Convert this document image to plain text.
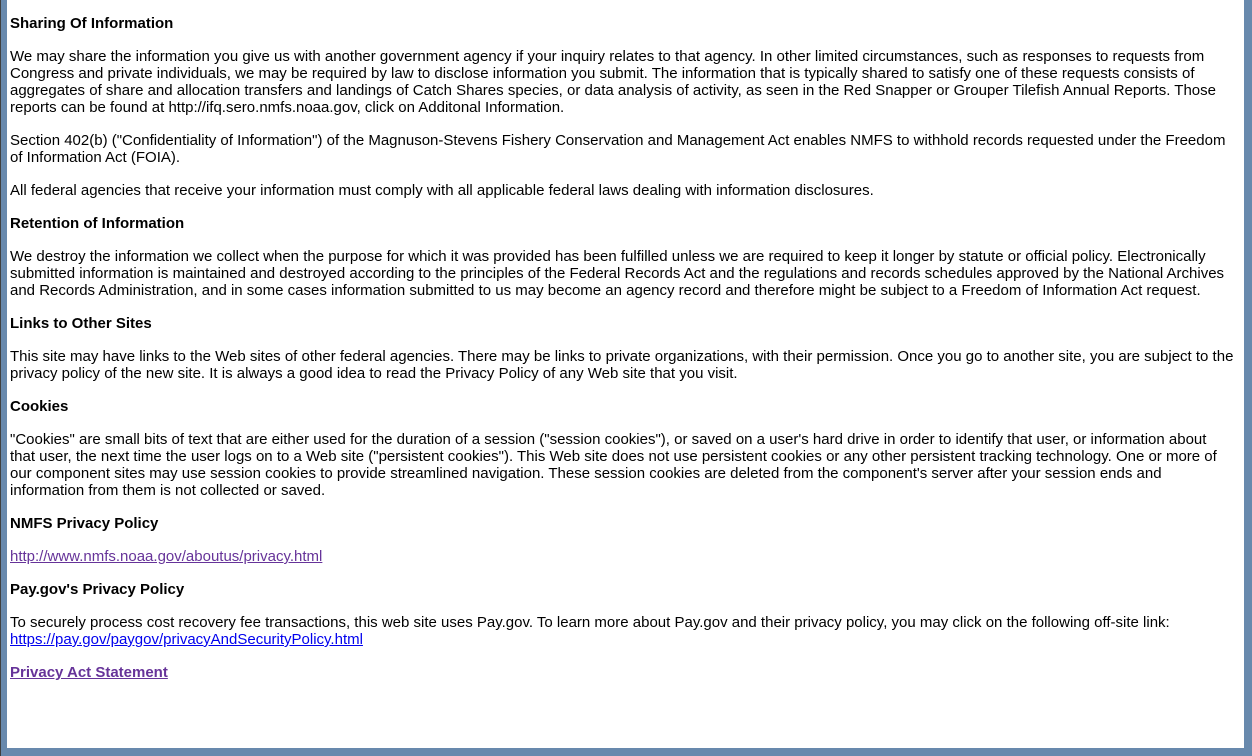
Sharing Of Information

We may share the information you give us with another government agency if your inquiry relates to that agency. In other limited circumstances, such as responses to requests from Congress and private individuals, we may be required by law to disclose information you submit. The information that is typically shared to satisfy one of these requests consists of aggregates of share and allocation transfers and landings of Catch Shares species, or data analysis of activity, as seen in the Red Snapper or Grouper Tilefish Annual Reports. Those reports can be found at http://ifq.sero.nmfs.noaa.gov, click on Additonal Information.

Section 402(b) ("Confidentiality of Information") of the Magnuson-Stevens Fishery Conservation and Management Act enables NMFS to withhold records requested under the Freedom of Information Act (FOIA).

All federal agencies that receive your information must comply with all applicable federal laws dealing with information disclosures.

Retention of Information

We destroy the information we collect when the purpose for which it was provided has been fulfilled unless we are required to keep it longer by statute or official policy. Electronically submitted information is maintained and destroyed according to the principles of the Federal Records Act and the regulations and records schedules approved by the National Archives and Records Administration, and in some cases information submitted to us may become an agency record and therefore might be subject to a Freedom of Information Act request.

Links to Other Sites

This site may have links to the Web sites of other federal agencies. There may be links to private organizations, with their permission. Once you go to another site, you are subject to the privacy policy of the new site. It is always a good idea to read the Privacy Policy of any Web site that you visit.

Cookies

"Cookies" are small bits of text that are either used for the duration of a session ("session cookies"), or saved on a user's hard drive in order to identify that user, or information about that user, the next time the user logs on to a Web site ("persistent cookies"). This Web site does not use persistent cookies or any other persistent tracking technology. One or more of our component sites may use session cookies to provide streamlined navigation. These session cookies are deleted from the component's server after your session ends and information from them is not collected or saved.

NMFS Privacy Policy

http://www.nmfs.noaa.gov/aboutus/privacy.html

Pay.gov's Privacy Policy

To securely process cost recovery fee transactions, this web site uses Pay.gov. To learn more about Pay.gov and their privacy policy, you may click on the following off-site link:
https://pay.gov/paygov/privacyAndSecurityPolicy.html

Privacy Act Statement
